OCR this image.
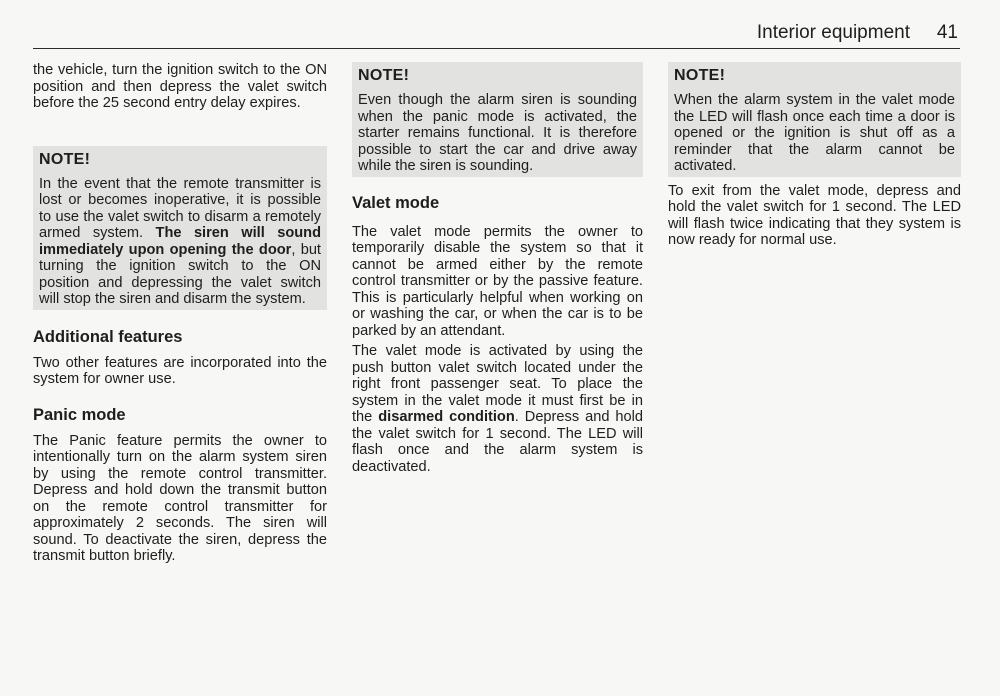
Interior equipment 41

the vehicle, turn the ignition switch to the ON position and then depress the valet switch before the 25 second entry delay expires.

NOTE!

In the event that the remote transmitter is lost or becomes inoperative, it is possible to use the valet switch to disarm a remotely armed system. The siren will sound immediately upon opening the door, but turning the ignition switch to the ON position and depressing the valet switch will stop the siren and disarm the system.

Additional features

Two other features are incorporated into the system for owner use.

Panic mode

The Panic feature permits the owner to intentionally turn on the alarm system siren by using the remote control transmitter. Depress and hold down the transmit button on the remote control transmitter for approximately 2 seconds. The siren will sound. To deactivate the siren, depress the transmit button briefly.

NOTE!

Even though the alarm siren is sounding when the panic mode is activated, the starter remains functional. It is therefore possible to start the car and drive away while the siren is sounding.

Valet mode

The valet mode permits the owner to temporarily disable the system so that it cannot be armed either by the remote control transmitter or by the passive feature. This is particularly helpful when working on or washing the car, or when the car is to be parked by an attendant.

The valet mode is activated by using the push button valet switch located under the right front passenger seat. To place the system in the valet mode it must first be in the disarmed condition. Depress and hold the valet switch for 1 second. The LED will flash once and the alarm system is deactivated.

NOTE!

When the alarm system in the valet mode the LED will flash once each time a door is opened or the ignition is shut off as a reminder that the alarm cannot be activated.

To exit from the valet mode, depress and hold the valet switch for 1 second. The LED will flash twice indicating that they system is now ready for normal use.
